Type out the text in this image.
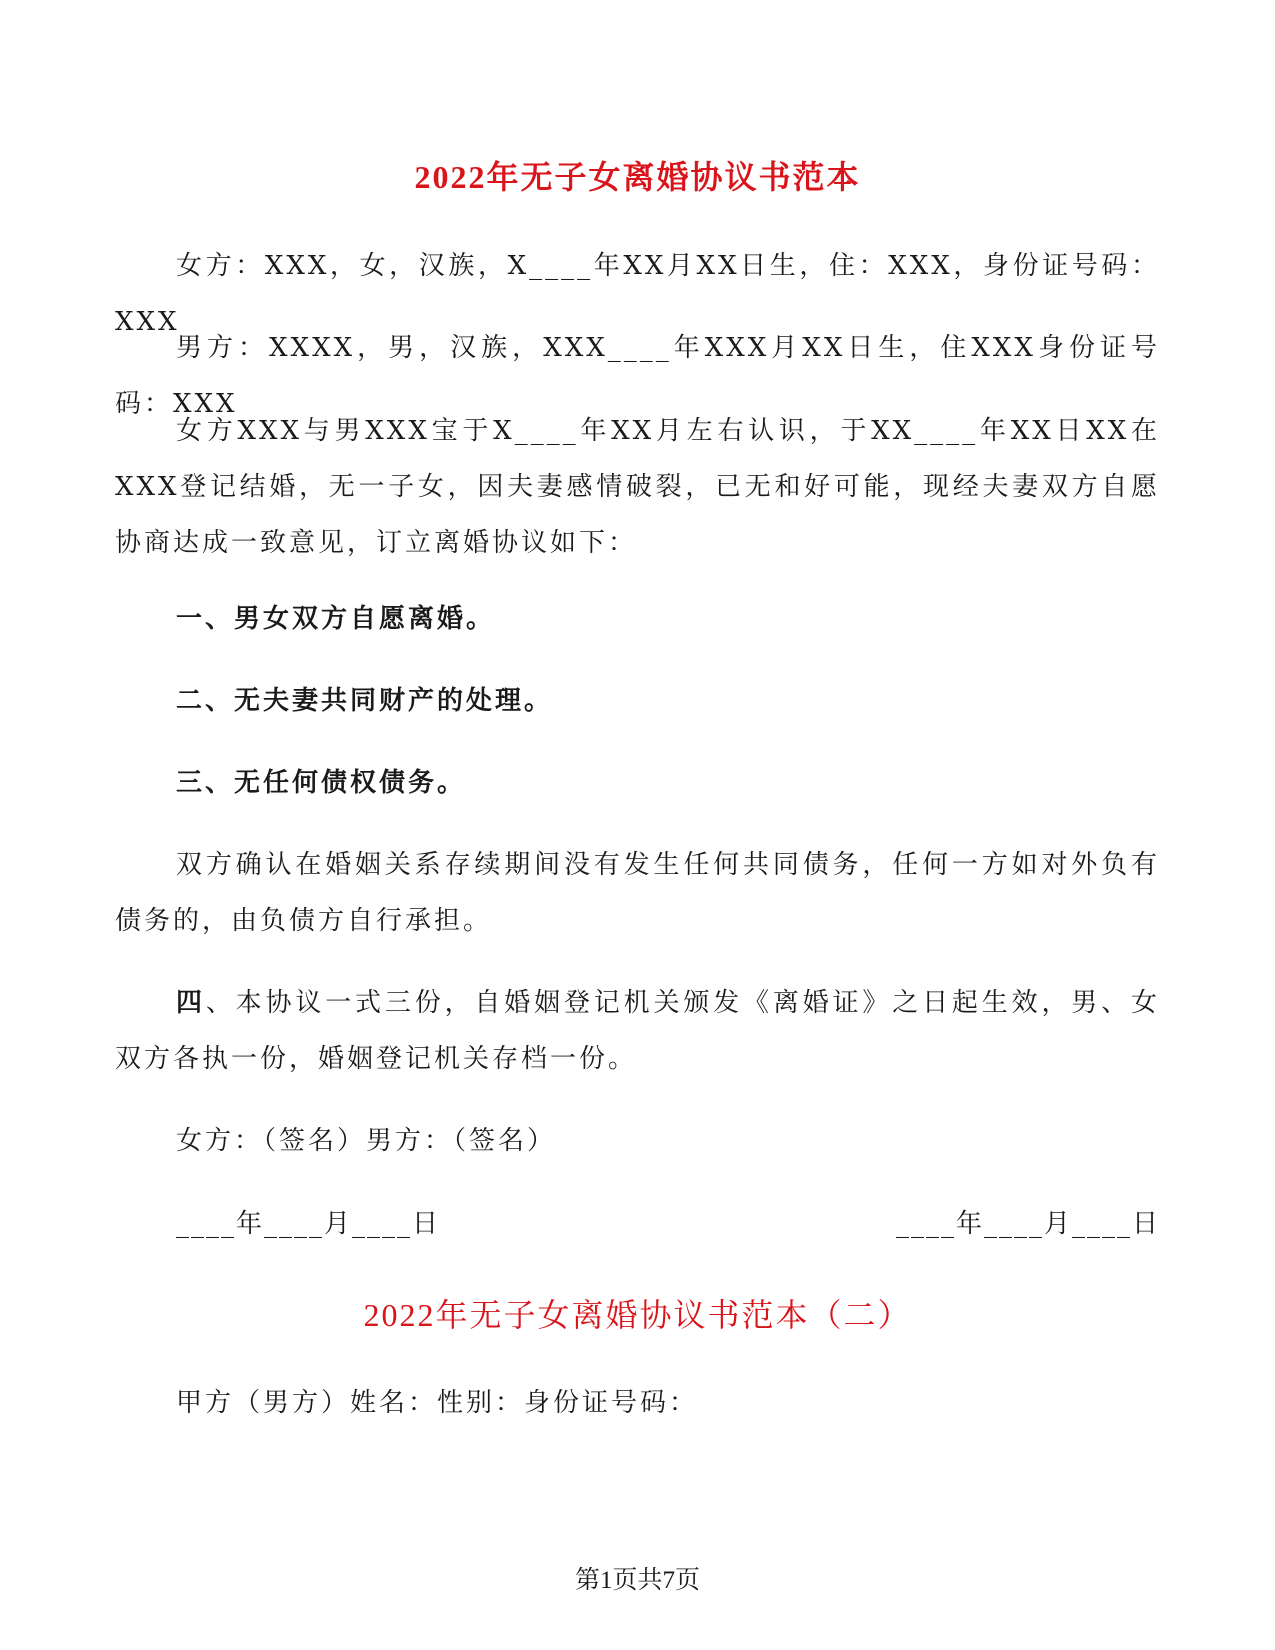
2022年无子女离婚协议书范本

女方：XXX，女，汉族，X____年XX月XX日生，住：XXX，身份证号码：XXX

男方：XXXX，男，汉族，XXX____年XXX月XX日生，住XXX身份证号码：XXX

女方XXX与男XXX宝于X____年XX月左右认识，于XX____年XX日XX在XXX登记结婚，无一子女，因夫妻感情破裂，已无和好可能，现经夫妻双方自愿协商达成一致意见，订立离婚协议如下：

一、男女双方自愿离婚。

二、无夫妻共同财产的处理。

三、无任何债权债务。

双方确认在婚姻关系存续期间没有发生任何共同债务，任何一方如对外负有债务的，由负债方自行承担。

四、本协议一式三份，自婚姻登记机关颁发《离婚证》之日起生效，男、女双方各执一份，婚姻登记机关存档一份。

女方：（签名）男方：（签名）

____年____月____日	____年____月____日
2022年无子女离婚协议书范本（二）

甲方（男方）姓名：性别：身份证号码：

第1页共7页
